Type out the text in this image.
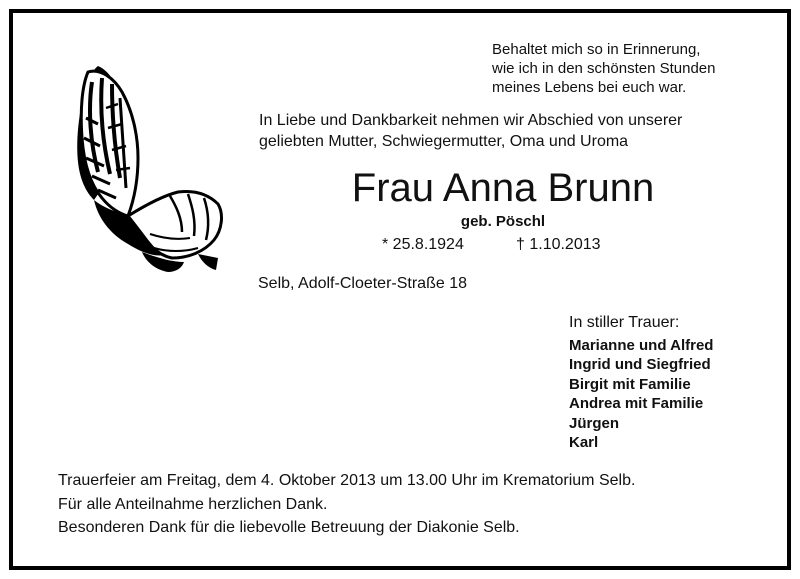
Behaltet mich so in Erinnerung,
wie ich in den schönsten Stunden
meines Lebens bei euch war.
In Liebe und Dankbarkeit nehmen wir Abschied von unserer
geliebten Mutter, Schwiegermutter, Oma und Uroma
Frau Anna Brunn
geb. Pöschl
* 25.8.1924	† 1.10.2013
Selb, Adolf-Cloeter-Straße 18
In stiller Trauer:
Marianne und Alfred
Ingrid und Siegfried
Birgit mit Familie
Andrea mit Familie
Jürgen
Karl
Trauerfeier am Freitag, dem 4. Oktober 2013 um 13.00 Uhr im Krematorium Selb.
Für alle Anteilnahme herzlichen Dank.
Besonderen Dank für die liebevolle Betreuung der Diakonie Selb.
